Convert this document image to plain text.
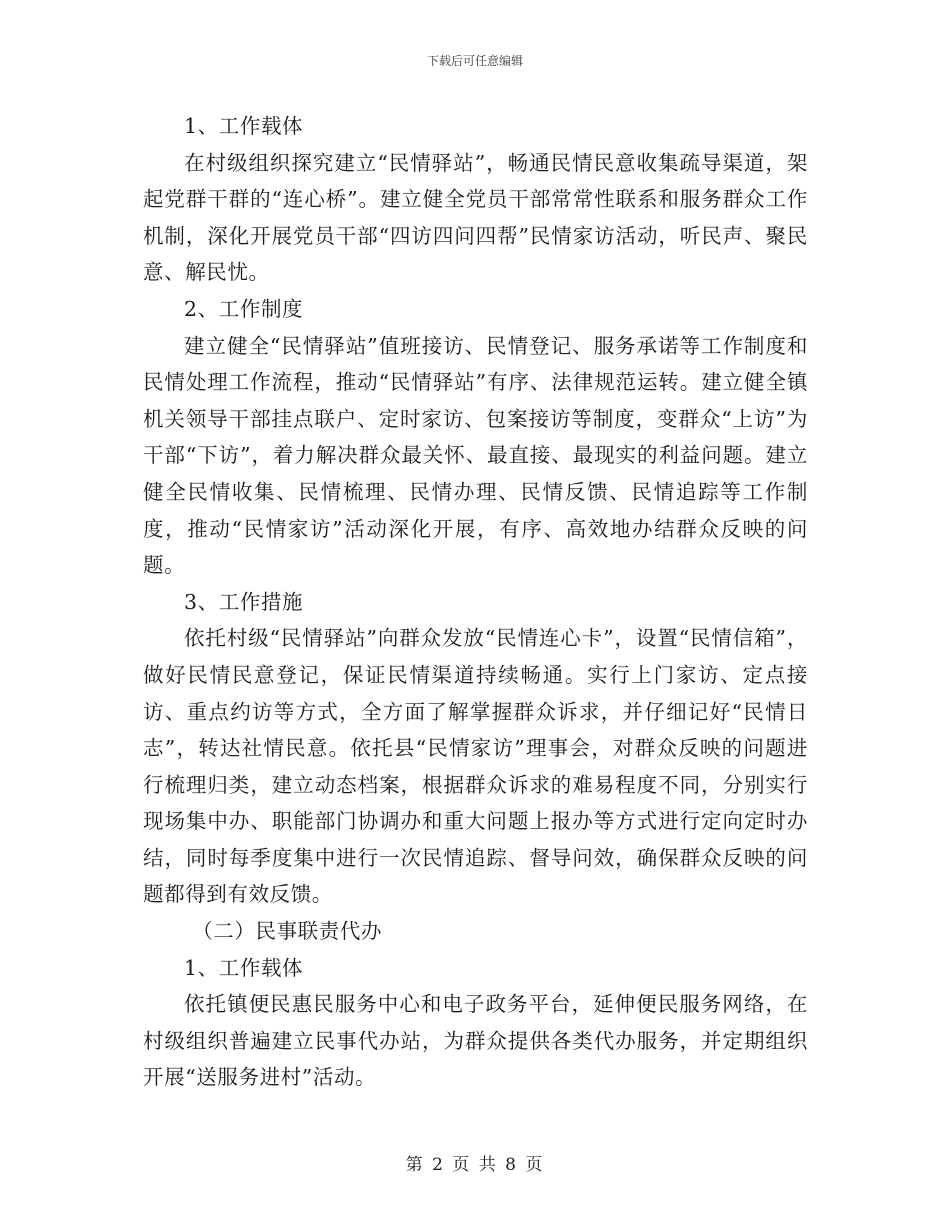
下载后可任意编辑

1、工作载体

在村级组织探究建立“民情驿站”，畅通民情民意收集疏导渠道，架起党群干群的“连心桥”。建立健全党员干部常常性联系和服务群众工作机制，深化开展党员干部“四访四问四帮”民情家访活动，听民声、聚民意、解民忧。

2、工作制度

建立健全“民情驿站”值班接访、民情登记、服务承诺等工作制度和民情处理工作流程，推动“民情驿站”有序、法律规范运转。建立健全镇机关领导干部挂点联户、定时家访、包案接访等制度，变群众“上访”为干部“下访”，着力解决群众最关怀、最直接、最现实的利益问题。建立健全民情收集、民情梳理、民情办理、民情反馈、民情追踪等工作制度，推动“民情家访”活动深化开展，有序、高效地办结群众反映的问题。

3、工作措施

依托村级“民情驿站”向群众发放“民情连心卡”，设置“民情信箱”，做好民情民意登记，保证民情渠道持续畅通。实行上门家访、定点接访、重点约访等方式，全方面了解掌握群众诉求，并仔细记好“民情日志”，转达社情民意。依托县“民情家访”理事会，对群众反映的问题进行梳理归类，建立动态档案，根据群众诉求的难易程度不同，分别实行现场集中办、职能部门协调办和重大问题上报办等方式进行定向定时办结，同时每季度集中进行一次民情追踪、督导问效，确保群众反映的问题都得到有效反馈。

（二）民事联责代办

1、工作载体

依托镇便民惠民服务中心和电子政务平台，延伸便民服务网络，在村级组织普遍建立民事代办站，为群众提供各类代办服务，并定期组织开展“送服务进村”活动。

第 2 页 共 8 页
